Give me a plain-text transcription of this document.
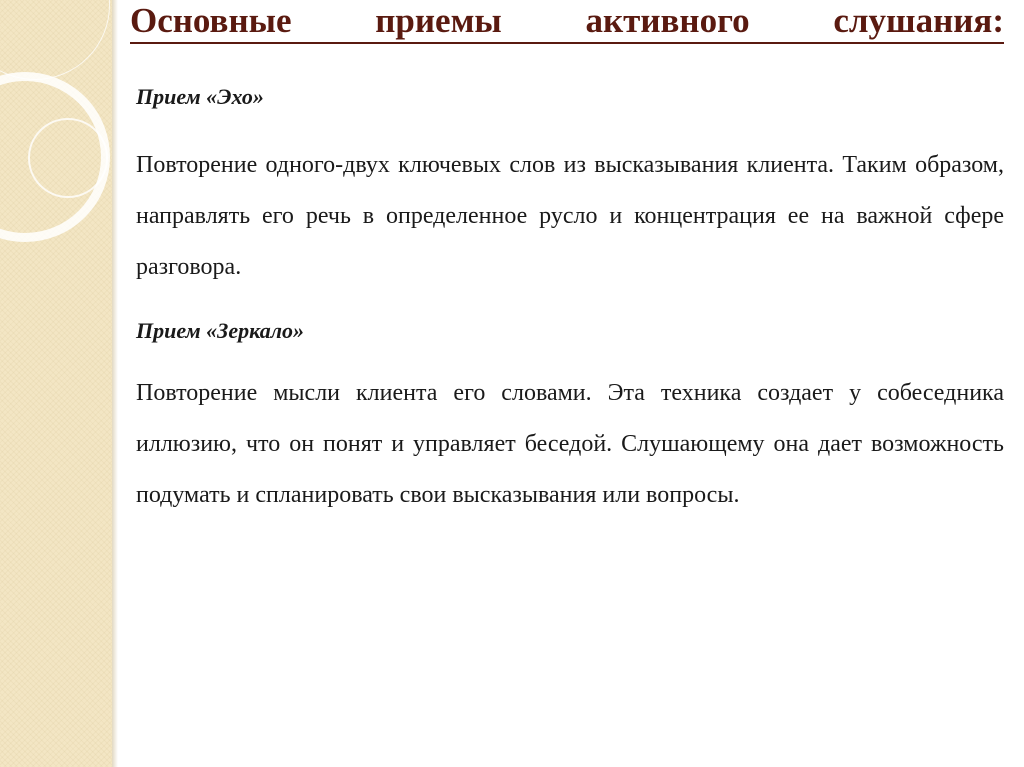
Основные приемы активного слушания:

Прием «Эхо»

Повторение одного-двух ключевых слов из высказывания клиента. Таким образом, направлять его речь в определенное русло и концентрация ее на важной сфере разговора.

Прием «Зеркало»

Повторение мысли клиента его словами. Эта техника создает у собеседника иллюзию, что он понят и управляет беседой. Слушающему она дает возможность подумать и спланировать свои высказывания или вопросы.
